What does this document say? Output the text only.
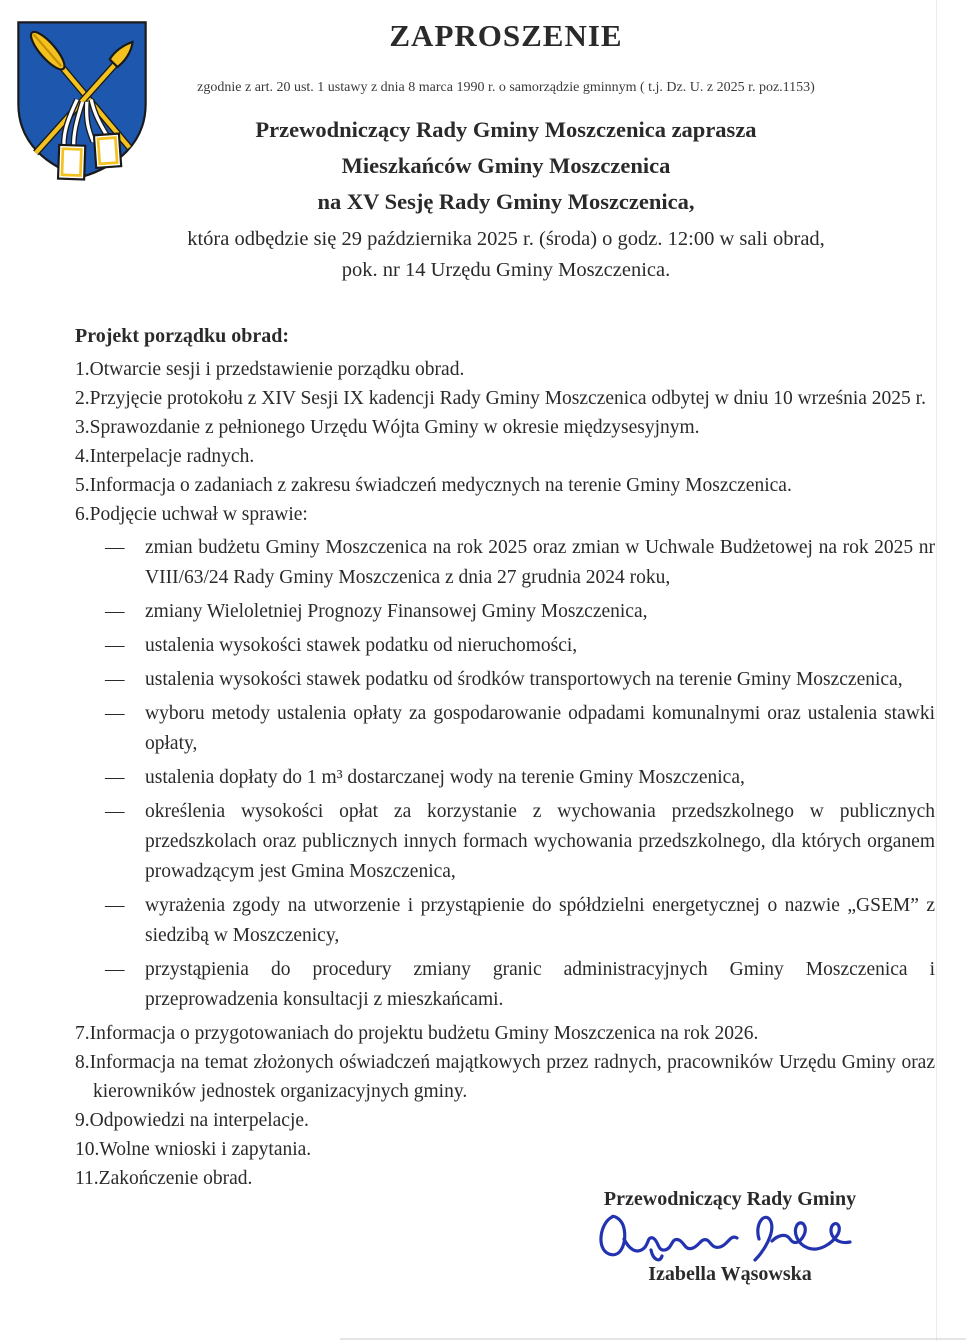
ZAPROSZENIE

zgodnie z art. 20 ust. 1 ustawy z dnia 8 marca 1990 r. o samorządzie gminnym ( t.j. Dz. U. z 2025 r. poz.1153)

Przewodniczący Rady Gminy Moszczenica zaprasza

Mieszkańców Gminy Moszczenica

na XV Sesję Rady Gminy Moszczenica,

która odbędzie się 29 października 2025 r. (środa) o godz. 12:00 w sali obrad,

pok. nr 14 Urzędu Gminy Moszczenica.

Projekt porządku obrad:

1.Otwarcie sesji i przedstawienie porządku obrad.

2.Przyjęcie protokołu z XIV Sesji IX kadencji Rady Gminy Moszczenica odbytej w dniu 10 września 2025 r.

3.Sprawozdanie z pełnionego Urzędu Wójta Gminy w okresie międzysesyjnym.

4.Interpelacje radnych.

5.Informacja o zadaniach z zakresu świadczeń medycznych na terenie Gminy Moszczenica.

6.Podjęcie uchwał w sprawie:

—	zmian budżetu Gminy Moszczenica na rok 2025 oraz zmian w Uchwale Budżetowej na rok 2025 nr VIII/63/24 Rady Gminy Moszczenica z dnia 27 grudnia 2024 roku,

—	zmiany Wieloletniej Prognozy Finansowej Gminy Moszczenica,

—	ustalenia wysokości stawek podatku od nieruchomości,

—	ustalenia wysokości stawek podatku od środków transportowych na terenie Gminy Moszczenica,

—	wyboru metody ustalenia opłaty za gospodarowanie odpadami komunalnymi oraz ustalenia stawki opłaty,

—	ustalenia dopłaty do 1 m³ dostarczanej wody na terenie Gminy Moszczenica,

—	określenia wysokości opłat za korzystanie z wychowania przedszkolnego w publicznych przedszkolach oraz publicznych innych formach wychowania przedszkolnego, dla których organem prowadzącym jest Gmina Moszczenica,

—	wyrażenia zgody na utworzenie i przystąpienie do spółdzielni energetycznej o nazwie „GSEM” z siedzibą w Moszczenicy,

—	przystąpienia do procedury zmiany granic administracyjnych Gminy Moszczenica i przeprowadzenia konsultacji z mieszkańcami.

7.Informacja o przygotowaniach do projektu budżetu Gminy Moszczenica na rok 2026.

8.Informacja na temat złożonych oświadczeń majątkowych przez radnych, pracowników Urzędu Gminy oraz kierowników jednostek organizacyjnych gminy.

9.Odpowiedzi na interpelacje.

10.Wolne wnioski i zapytania.

11.Zakończenie obrad.

Przewodniczący Rady Gminy

Izabella Wąsowska
